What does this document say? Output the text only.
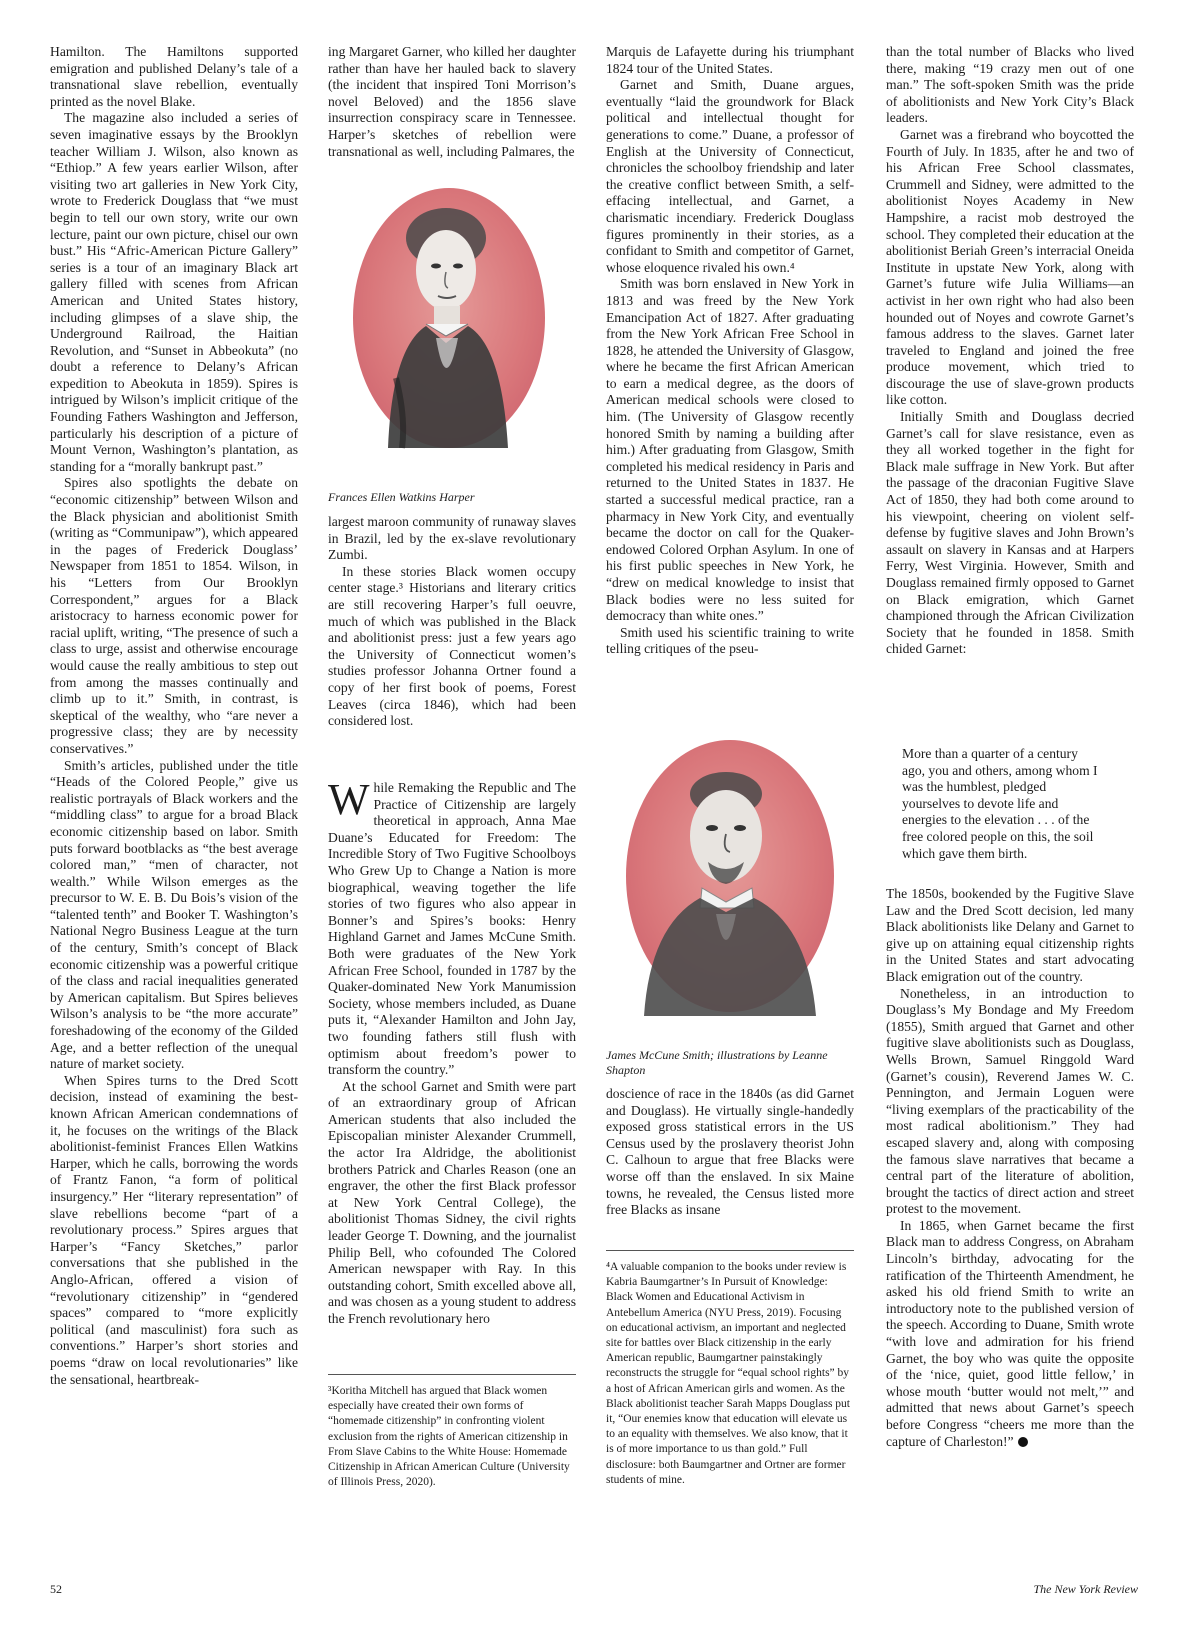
Hamilton. The Hamiltons supported emigration and published Delany’s tale of a transnational slave rebellion, eventually printed as the novel Blake.

The magazine also included a series of seven imaginative essays by the Brooklyn teacher William J. Wilson, also known as “Ethiop.” A few years earlier Wilson, after visiting two art galleries in New York City, wrote to Frederick Douglass that “we must begin to tell our own story, write our own lecture, paint our own picture, chisel our own bust.” His “Afric-American Picture Gallery” series is a tour of an imaginary Black art gallery filled with scenes from African American and United States history, including glimpses of a slave ship, the Underground Railroad, the Haitian Revolution, and “Sunset in Abbeokuta” (no doubt a reference to Delany’s African expedition to Abeokuta in 1859). Spires is intrigued by Wilson’s implicit critique of the Founding Fathers Washington and Jefferson, particularly his description of a picture of Mount Vernon, Washington’s plantation, as standing for a “morally bankrupt past.”

Spires also spotlights the debate on “economic citizenship” between Wilson and the Black physician and abolitionist Smith (writing as “Communipaw”), which appeared in the pages of Frederick Douglass’ Newspaper from 1851 to 1854. Wilson, in his “Letters from Our Brooklyn Correspondent,” argues for a Black aristocracy to harness economic power for racial uplift, writing, “The presence of such a class to urge, assist and otherwise encourage would cause the really ambitious to step out from among the masses continually and climb up to it.” Smith, in contrast, is skeptical of the wealthy, who “are never a progressive class; they are by necessity conservatives.”

Smith’s articles, published under the title “Heads of the Colored People,” give us realistic portrayals of Black workers and the “middling class” to argue for a broad Black economic citizenship based on labor. Smith puts forward bootblacks as “the best average colored man,” “men of character, not wealth.” While Wilson emerges as the precursor to W. E. B. Du Bois’s vision of the “talented tenth” and Booker T. Washington’s National Negro Business League at the turn of the century, Smith’s concept of Black economic citizenship was a powerful critique of the class and racial inequalities generated by American capitalism. But Spires believes Wilson’s analysis to be “the more accurate” foreshadowing of the economy of the Gilded Age, and a better reflection of the unequal nature of market society.

When Spires turns to the Dred Scott decision, instead of examining the best-known African American condemnations of it, he focuses on the writings of the Black abolitionist-feminist Frances Ellen Watkins Harper, which he calls, borrowing the words of Frantz Fanon, “a form of political insurgency.” Her “literary representation” of slave rebellions become “part of a revolutionary process.” Spires argues that Harper’s “Fancy Sketches,” parlor conversations that she published in the Anglo-African, offered a vision of “revolutionary citizenship” in “gendered spaces” compared to “more explicitly political (and masculinist) fora such as conventions.” Harper’s short stories and poems “draw on local revolutionaries” like the sensational, heartbreak-

ing Margaret Garner, who killed her daughter rather than have her hauled back to slavery (the incident that inspired Toni Morrison’s novel Beloved) and the 1856 slave insurrection conspiracy scare in Tennessee. Harper’s sketches of rebellion were transnational as well, including Palmares, the

Frances Ellen Watkins Harper

largest maroon community of runaway slaves in Brazil, led by the ex-slave revolutionary Zumbi.

In these stories Black women occupy center stage.³ Historians and literary critics are still recovering Harper’s full oeuvre, much of which was published in the Black and abolitionist press: just a few years ago the University of Connecticut women’s studies professor Johanna Ortner found a copy of her first book of poems, Forest Leaves (circa 1846), which had been considered lost.

While Remaking the Republic and The Practice of Citizenship are largely theoretical in approach, Anna Mae Duane’s Educated for Freedom: The Incredible Story of Two Fugitive Schoolboys Who Grew Up to Change a Nation is more biographical, weaving together the life stories of two figures who also appear in Bonner’s and Spires’s books: Henry Highland Garnet and James McCune Smith. Both were graduates of the New York African Free School, founded in 1787 by the Quaker-dominated New York Manumission Society, whose members included, as Duane puts it, “Alexander Hamilton and John Jay, two founding fathers still flush with optimism about freedom’s power to transform the country.”

At the school Garnet and Smith were part of an extraordinary group of African American students that also included the Episcopalian minister Alexander Crummell, the actor Ira Aldridge, the abolitionist brothers Patrick and Charles Reason (one an engraver, the other the first Black professor at New York Central College), the abolitionist Thomas Sidney, the civil rights leader George T. Downing, and the journalist Philip Bell, who cofounded The Colored American newspaper with Ray. In this outstanding cohort, Smith excelled above all, and was chosen as a young student to address the French revolutionary hero

³Koritha Mitchell has argued that Black women especially have created their own forms of “homemade citizenship” in confronting violent exclusion from the rights of American citizenship in From Slave Cabins to the White House: Homemade Citizenship in African American Culture (University of Illinois Press, 2020).

Marquis de Lafayette during his triumphant 1824 tour of the United States.

Garnet and Smith, Duane argues, eventually “laid the groundwork for Black political and intellectual thought for generations to come.” Duane, a professor of English at the University of Connecticut, chronicles the schoolboy friendship and later the creative conflict between Smith, a self-effacing intellectual, and Garnet, a charismatic incendiary. Frederick Douglass figures prominently in their stories, as a confidant to Smith and competitor of Garnet, whose eloquence rivaled his own.⁴

Smith was born enslaved in New York in 1813 and was freed by the New York Emancipation Act of 1827. After graduating from the New York African Free School in 1828, he attended the University of Glasgow, where he became the first African American to earn a medical degree, as the doors of American medical schools were closed to him. (The University of Glasgow recently honored Smith by naming a building after him.) After graduating from Glasgow, Smith completed his medical residency in Paris and returned to the United States in 1837. He started a successful medical practice, ran a pharmacy in New York City, and eventually became the doctor on call for the Quaker-endowed Colored Orphan Asylum. In one of his first public speeches in New York, he “drew on medical knowledge to insist that Black bodies were no less suited for democracy than white ones.”

Smith used his scientific training to write telling critiques of the pseu-

James McCune Smith; illustrations by Leanne Shapton

doscience of race in the 1840s (as did Garnet and Douglass). He virtually single-handedly exposed gross statistical errors in the US Census used by the proslavery theorist John C. Calhoun to argue that free Blacks were worse off than the enslaved. In six Maine towns, he revealed, the Census listed more free Blacks as insane

⁴A valuable companion to the books under review is Kabria Baumgartner’s In Pursuit of Knowledge: Black Women and Educational Activism in Antebellum America (NYU Press, 2019). Focusing on educational activism, an important and neglected site for battles over Black citizenship in the early American republic, Baumgartner painstakingly reconstructs the struggle for “equal school rights” by a host of African American girls and women. As the Black abolitionist teacher Sarah Mapps Douglass put it, “Our enemies know that education will elevate us to an equality with themselves. We also know, that it is of more importance to us than gold.” Full disclosure: both Baumgartner and Ortner are former students of mine.

than the total number of Blacks who lived there, making “19 crazy men out of one man.” The soft-spoken Smith was the pride of abolitionists and New York City’s Black leaders.

Garnet was a firebrand who boycotted the Fourth of July. In 1835, after he and two of his African Free School classmates, Crummell and Sidney, were admitted to the abolitionist Noyes Academy in New Hampshire, a racist mob destroyed the school. They completed their education at the abolitionist Beriah Green’s interracial Oneida Institute in upstate New York, along with Garnet’s future wife Julia Williams—an activist in her own right who had also been hounded out of Noyes and cowrote Garnet’s famous address to the slaves. Garnet later traveled to England and joined the free produce movement, which tried to discourage the use of slave-grown products like cotton.

Initially Smith and Douglass decried Garnet’s call for slave resistance, even as they all worked together in the fight for Black male suffrage in New York. But after the passage of the draconian Fugitive Slave Act of 1850, they had both come around to his viewpoint, cheering on violent self-defense by fugitive slaves and John Brown’s assault on slavery in Kansas and at Harpers Ferry, West Virginia. However, Smith and Douglass remained firmly opposed to Garnet on Black emigration, which Garnet championed through the African Civilization Society that he founded in 1858. Smith chided Garnet:

More than a quarter of a century ago, you and others, among whom I was the humblest, pledged yourselves to devote life and energies to the elevation . . . of the free colored people on this, the soil which gave them birth.

The 1850s, bookended by the Fugitive Slave Law and the Dred Scott decision, led many Black abolitionists like Delany and Garnet to give up on attaining equal citizenship rights in the United States and start advocating Black emigration out of the country.

Nonetheless, in an introduction to Douglass’s My Bondage and My Freedom (1855), Smith argued that Garnet and other fugitive slave abolitionists such as Douglass, Wells Brown, Samuel Ringgold Ward (Garnet’s cousin), Reverend James W. C. Pennington, and Jermain Loguen were “living exemplars of the practicability of the most radical abolitionism.” They had escaped slavery and, along with composing the famous slave narratives that became a central part of the literature of abolition, brought the tactics of direct action and street protest to the movement.

In 1865, when Garnet became the first Black man to address Congress, on Abraham Lincoln’s birthday, advocating for the ratification of the Thirteenth Amendment, he asked his old friend Smith to write an introductory note to the published version of the speech. According to Duane, Smith wrote “with love and admiration for his friend Garnet, the boy who was quite the opposite of the ‘nice, quiet, good little fellow,’ in whose mouth ‘butter would not melt,’” and admitted that news about Garnet’s speech before Congress “cheers me more than the capture of Charleston!”

52	The New York Review
